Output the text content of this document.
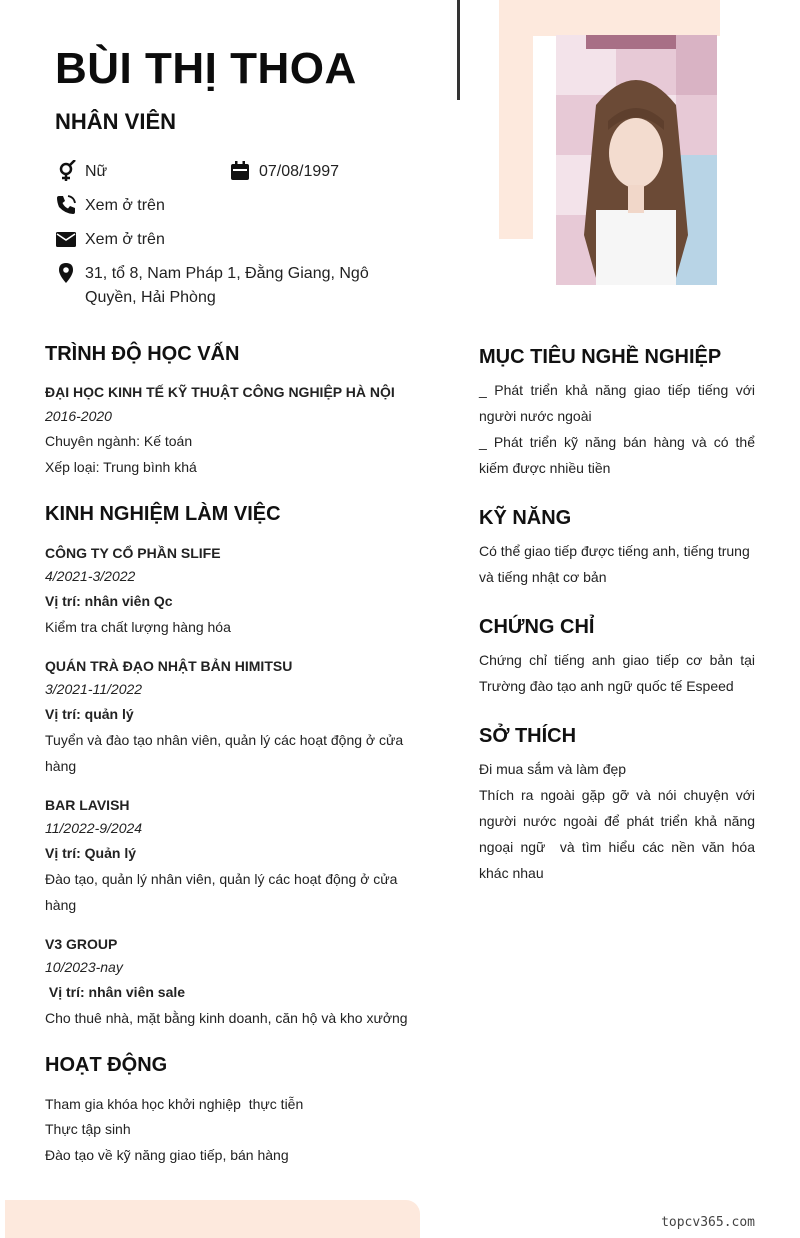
BÙI THỊ THOA
NHÂN VIÊN
Nữ	07/08/1997
Xem ở trên
Xem ở trên
31, tổ 8, Nam Pháp 1, Đằng Giang, Ngô
Quyền, Hải Phòng
TRÌNH ĐỘ HỌC VẤN
ĐẠI HỌC KINH TẾ KỸ THUẬT CÔNG NGHIỆP HÀ NỘI
2016-2020
Chuyên ngành: Kế toán
Xếp loại: Trung bình khá
KINH NGHIỆM LÀM VIỆC
CÔNG TY CỔ PHẦN SLIFE
4/2021-3/2022
Vị trí: nhân viên Qc
Kiểm tra chất lượng hàng hóa
QUÁN TRÀ ĐẠO NHẬT BẢN HIMITSU
3/2021-11/2022
Vị trí: quản lý
Tuyển và đào tạo nhân viên, quản lý các hoạt động ở cửa
hàng
BAR LAVISH
11/2022-9/2024
Vị trí: Quản lý
Đào tạo, quản lý nhân viên, quản lý các hoạt động ở cửa
hàng
V3 GROUP
10/2023-nay
Vị trí: nhân viên sale
Cho thuê nhà, mặt bằng kinh doanh, căn hộ và kho xưởng
HOẠT ĐỘNG
Tham gia khóa học khởi nghiệp  thực tiễn
Thực tập sinh
Đào tạo về kỹ năng giao tiếp, bán hàng
MỤC TIÊU NGHỀ NGHIỆP
_ Phát triển khả năng giao tiếp tiếng với người nước ngoài
_ Phát triển kỹ năng bán hàng và có thể kiếm được nhiều tiền
KỸ NĂNG
Có thể giao tiếp được tiếng anh, tiếng trung và tiếng nhật cơ bản
CHỨNG CHỈ
Chứng chỉ tiếng anh giao tiếp cơ bản tại Trường đào tạo anh ngữ quốc tế Espeed
SỞ THÍCH
Đi mua sắm và làm đẹp
Thích ra ngoài gặp gỡ và nói chuyện với người nước ngoài để phát triển khả năng ngoại ngữ  và tìm hiểu các nền văn hóa khác nhau
topcv365.com
